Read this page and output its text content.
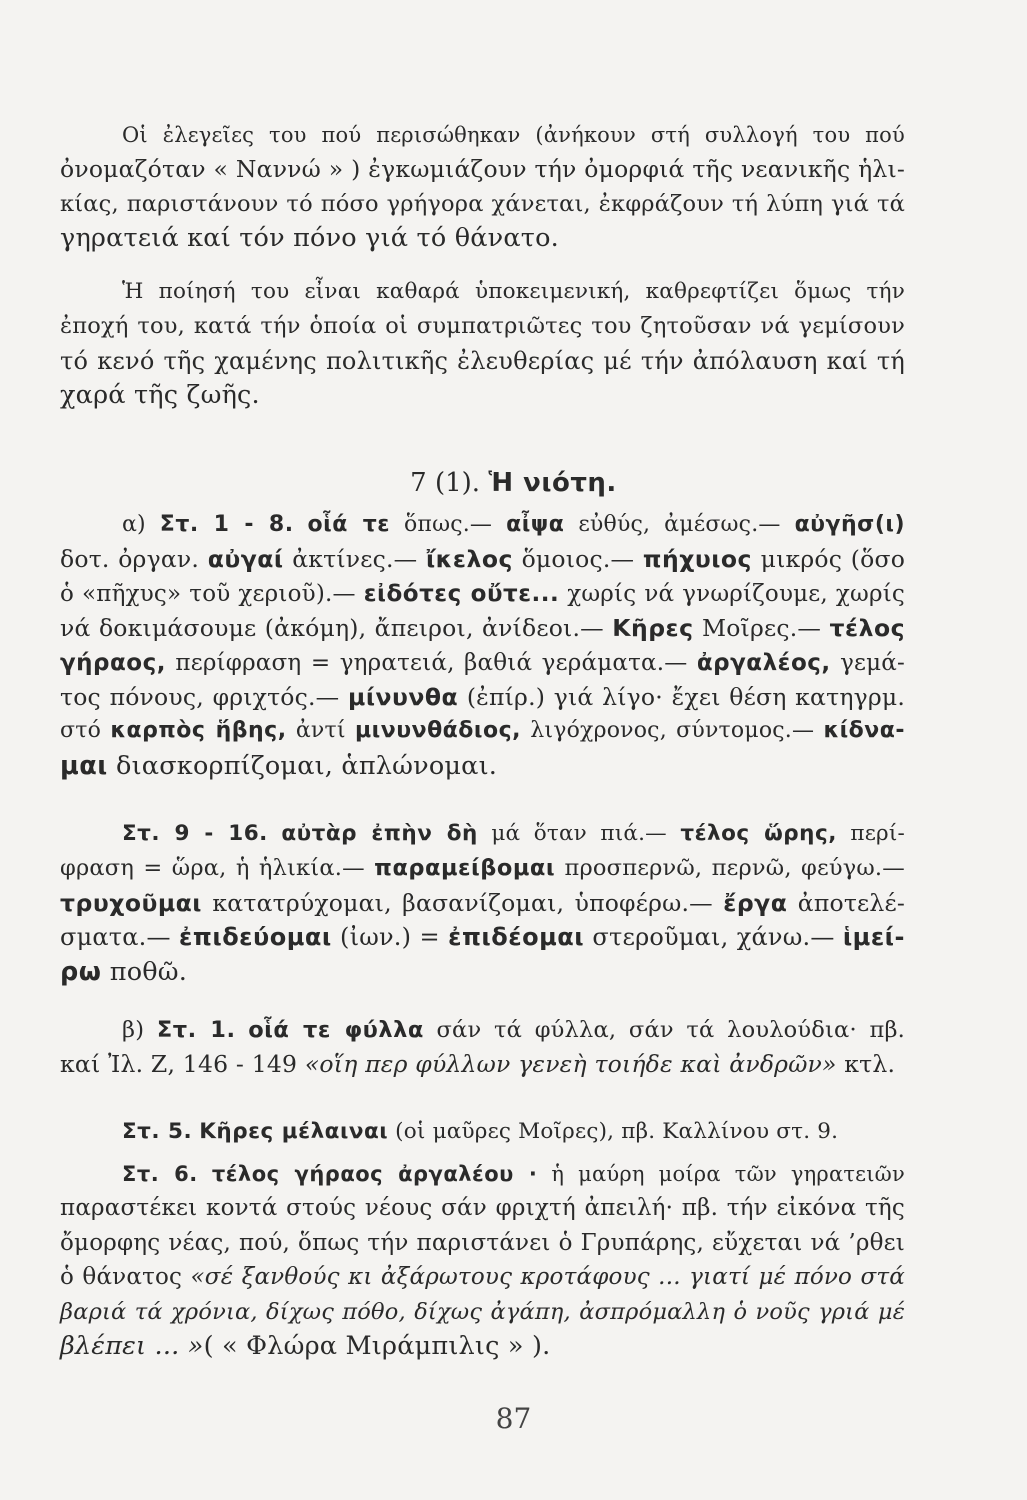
Οἱ ἐλεγεῖες του πού περισώθηκαν (ἀνήκουν στή συλλογή του πού
ὀνομαζόταν « Ναννώ » ) ἐγκωμιάζουν τήν ὀμορφιά τῆς νεανικῆς ἡλι-
κίας, παριστάνουν τό πόσο γρήγορα χάνεται, ἐκφράζουν τή λύπη γιά τά
γηρατειά καί τόν πόνο γιά τό θάνατο.
Ἡ ποίησή του εἶναι καθαρά ὑποκειμενική, καθρεφτίζει ὅμως τήν
ἐποχή του, κατά τήν ὁποία οἱ συμπατριῶτες του ζητοῦσαν νά γεμίσουν
τό κενό τῆς χαμένης πολιτικῆς ἐλευθερίας μέ τήν ἀπόλαυση καί τή
χαρά τῆς ζωῆς.
7 (1). Ἡ νιότη.
α) Στ. 1 - 8. οἷά τε ὅπως.— αἶψα εὐθύς, ἀμέσως.— αὐγῆσ(ι)
δοτ. ὀργαν. αὐγαί ἀκτίνες.— ἴκελος ὅμοιος.— πήχυιος μικρός (ὅσο
ὁ «πῆχυς» τοῦ χεριοῦ).— εἰδότες οὔτε... χωρίς νά γνωρίζουμε, χωρίς
νά δοκιμάσουμε (ἀκόμη), ἄπειροι, ἀνίδεοι.— Κῆρες Μοῖρες.— τέλος
γήραος, περίφραση = γηρατειά, βαθιά γεράματα.— ἀργαλέος, γεμά-
τος πόνους, φριχτός.— μίνυνθα (ἐπίρ.) γιά λίγο· ἔχει θέση κατηγρμ.
στό καρπὸς ἥβης, ἀντί μινυνθάδιος, λιγόχρονος, σύντομος.— κίδνα-
μαι διασκορπίζομαι, ἁπλώνομαι.
Στ. 9 - 16. αὐτὰρ ἐπὴν δὴ μά ὅταν πιά.— τέλος ὥρης, περί-
φραση = ὥρα, ἡ ἡλικία.— παραμείβομαι προσπερνῶ, περνῶ, φεύγω.—
τρυχοῦμαι κατατρύχομαι, βασανίζομαι, ὑποφέρω.— ἔργα ἀποτελέ-
σματα.— ἐπιδεύομαι (ἰων.) = ἐπιδέομαι στεροῦμαι, χάνω.— ἱμεί-
ρω ποθῶ.
β) Στ. 1. οἷά τε φύλλα σάν τά φύλλα, σάν τά λουλούδια· πβ.
καί Ἰλ. Ζ, 146 - 149 «οἵη περ φύλλων γενεὴ τοιήδε καὶ ἀνδρῶν» κτλ.
Στ. 5. Κῆρες μέλαιναι (οἱ μαῦρες Μοῖρες), πβ. Καλλίνου στ. 9.
Στ. 6. τέλος γήραος ἀργαλέου · ἡ μαύρη μοίρα τῶν γηρατειῶν
παραστέκει κοντά στούς νέους σάν φριχτή ἀπειλή· πβ. τήν εἰκόνα τῆς
ὄμορφης νέας, πού, ὅπως τήν παριστάνει ὁ Γρυπάρης, εὔχεται νά ’ρθει
ὁ θάνατος «σέ ξανθούς κι ἀξάρωτους κροτάφους ... γιατί μέ πόνο στά
βαριά τά χρόνια, δίχως πόθο, δίχως ἀγάπη, ἀσπρόμαλλη ὁ νοῦς γριά μέ
βλέπει ... »( « Φλώρα Μιράμπιλις » ).
87
